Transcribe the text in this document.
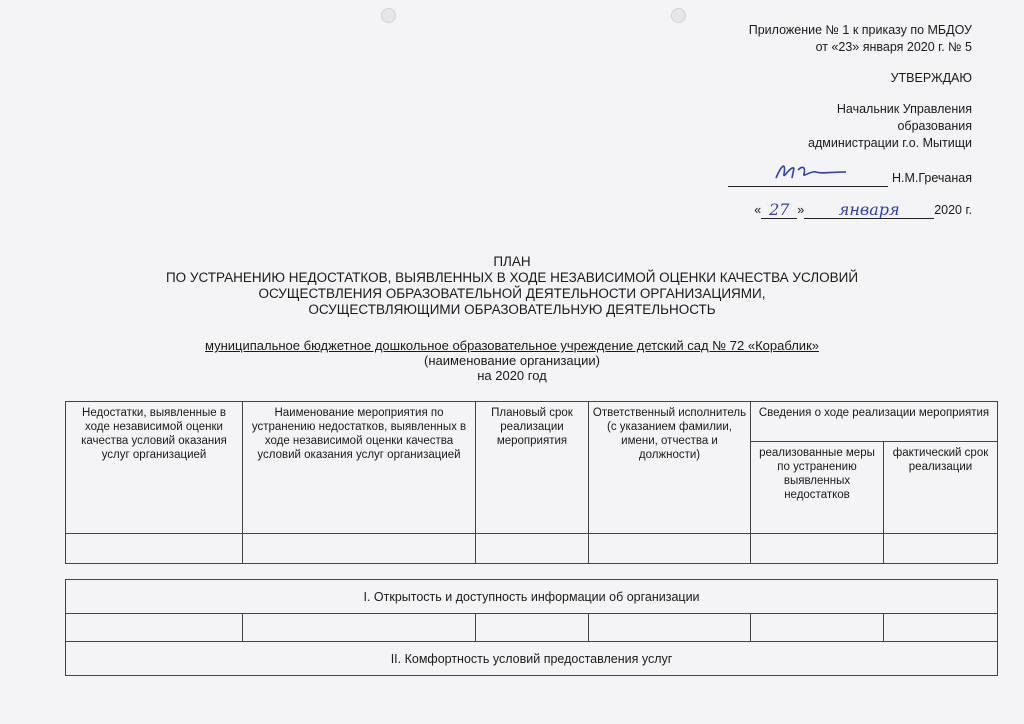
Приложение № 1 к приказу по МБДОУ
от «23» января 2020 г. № 5
УТВЕРЖДАЮ
Начальник Управления
образования
администрации г.о. Мытищи
Н.М.Гречаная
« 27 »	января	2020 г.
ПЛАН
ПО УСТРАНЕНИЮ НЕДОСТАТКОВ, ВЫЯВЛЕННЫХ В ХОДЕ НЕЗАВИСИМОЙ ОЦЕНКИ КАЧЕСТВА УСЛОВИЙ
ОСУЩЕСТВЛЕНИЯ ОБРАЗОВАТЕЛЬНОЙ ДЕЯТЕЛЬНОСТИ ОРГАНИЗАЦИЯМИ,
ОСУЩЕСТВЛЯЮЩИМИ ОБРАЗОВАТЕЛЬНУЮ ДЕЯТЕЛЬНОСТЬ
муниципальное бюджетное дошкольное образовательное учреждение детский сад № 72 «Кораблик»
(наименование организации)
на 2020 год
Недостатки, выявленные в ходе независимой оценки качества условий оказания услуг организацией	Наименование мероприятия по устранению недостатков, выявленных в ходе независимой оценки качества условий оказания услуг организацией	Плановый срок реализации мероприятия	Ответственный исполнитель (с указанием фамилии, имени, отчества и должности)	Сведения о ходе реализации мероприятия	
				реализованные меры по устранению выявленных недостатков	фактический срок реализации

I. Открытость и доступность информации об организации

II. Комфортность условий предоставления услуг
